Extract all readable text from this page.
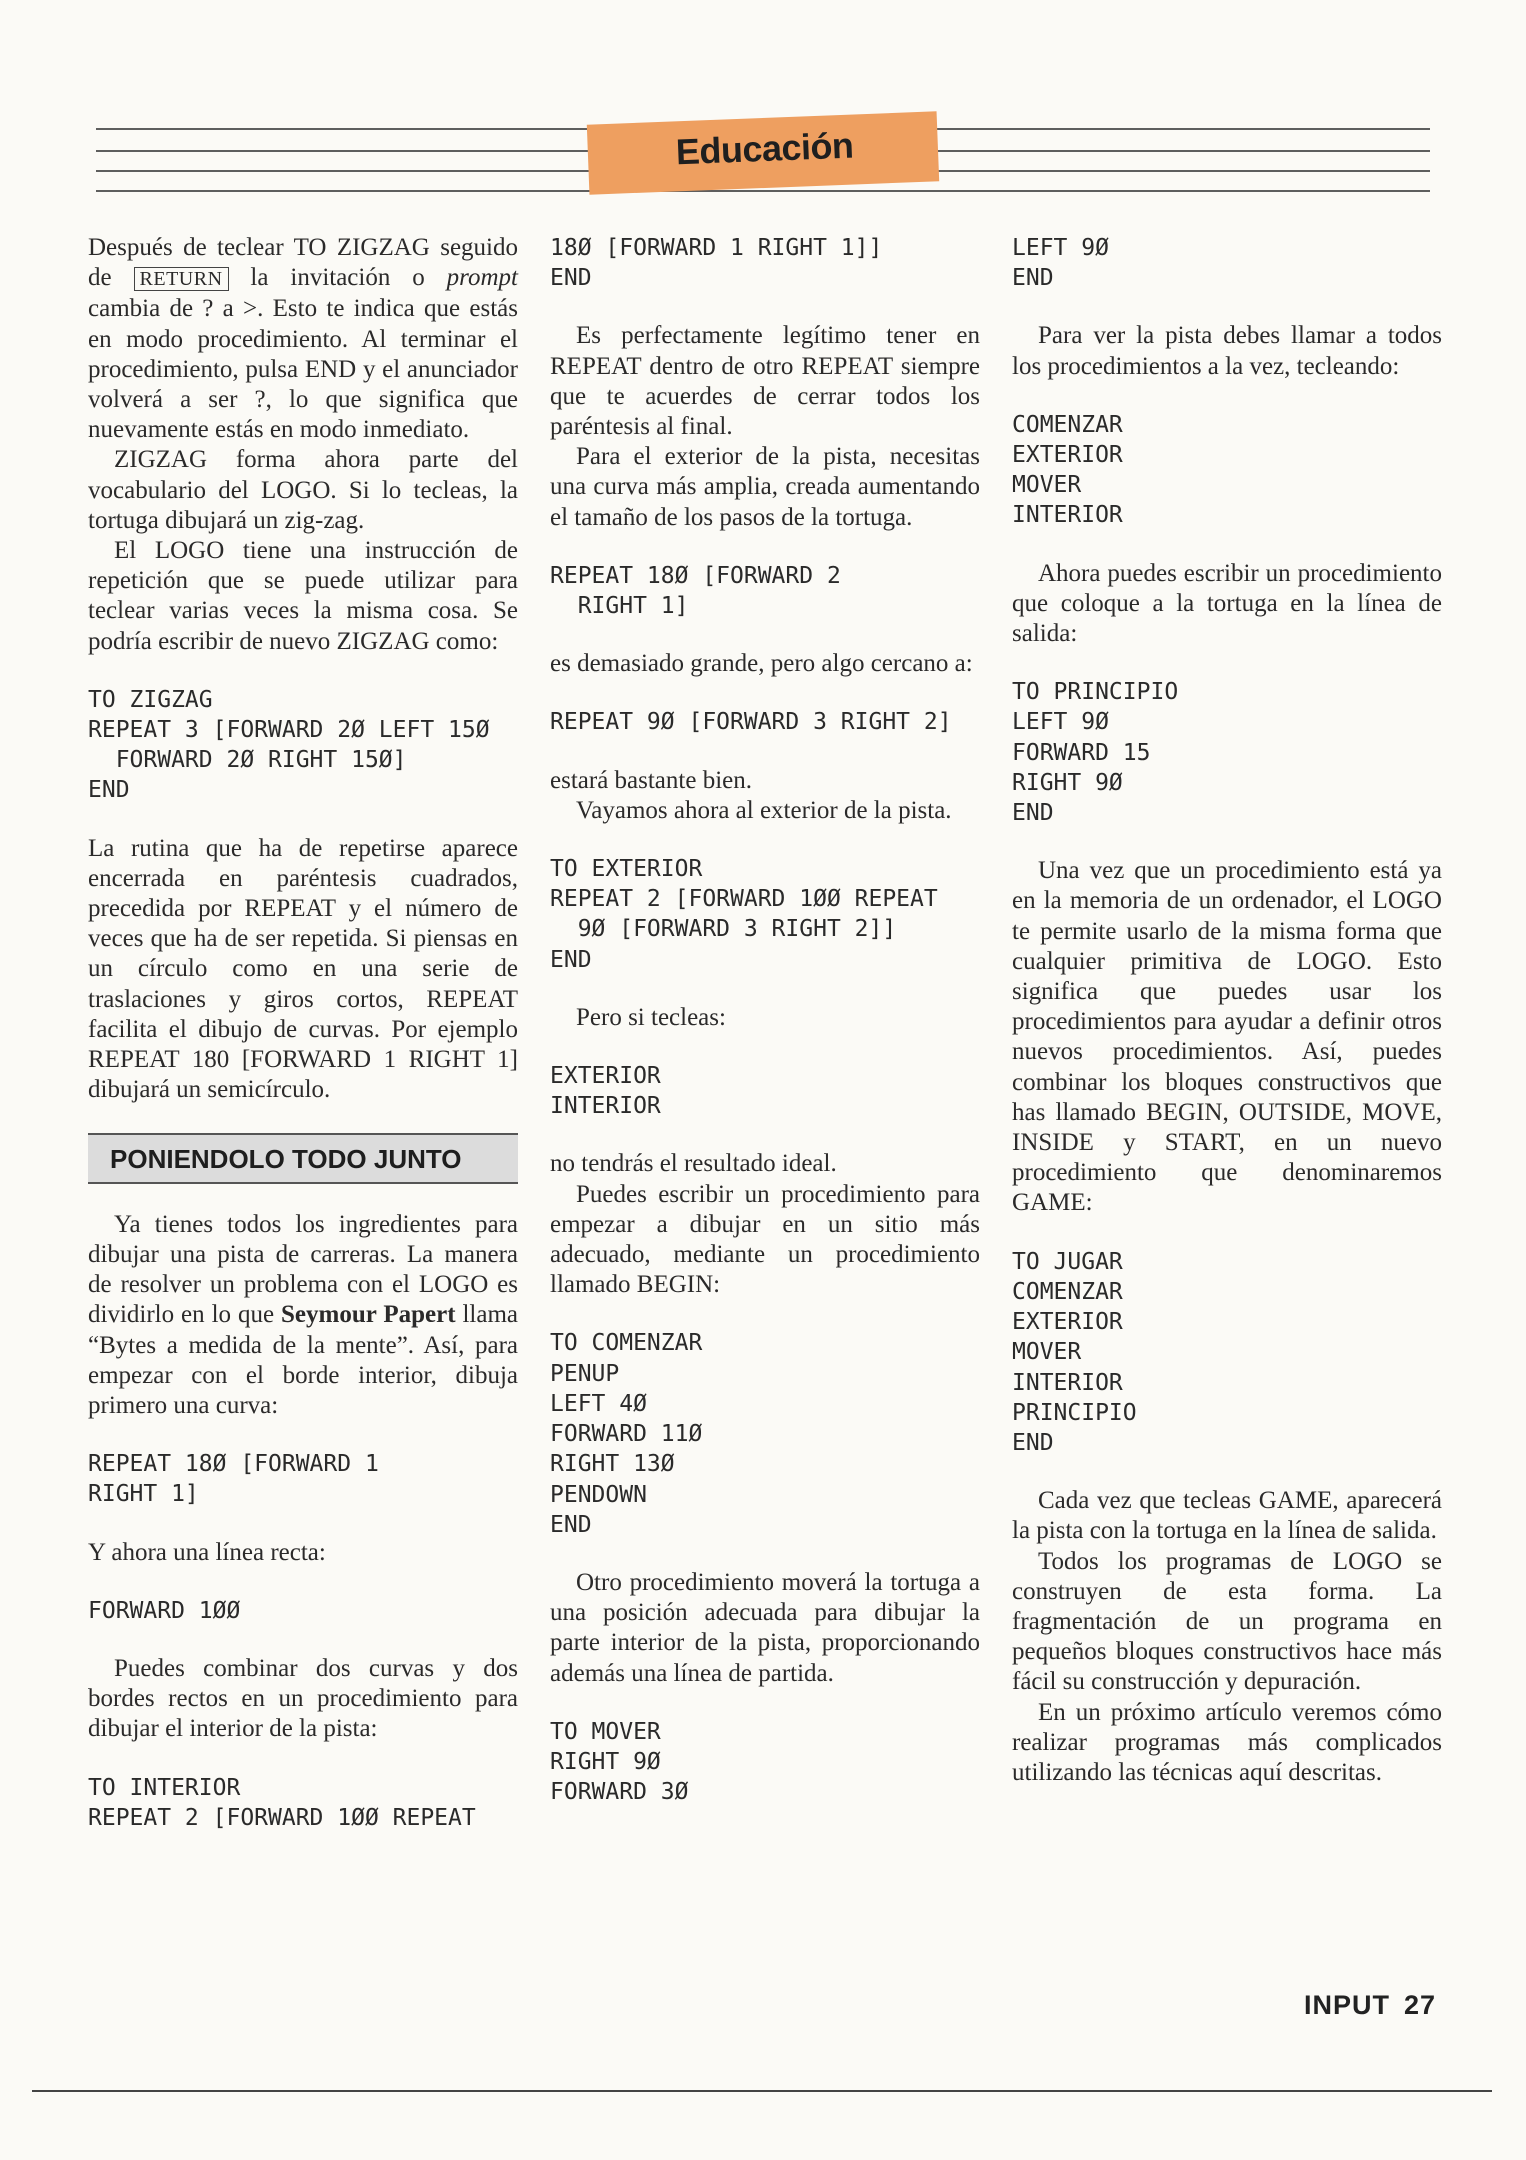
Educación

Después de teclear TO ZIGZAG seguido de RETURN la invitación o prompt cambia de ? a >. Esto te indica que estás en modo procedimiento. Al terminar el procedimiento, pulsa END y el anunciador volverá a ser ?, lo que significa que nuevamente estás en modo inmediato.

ZIGZAG forma ahora parte del vocabulario del LOGO. Si lo tecleas, la tortuga dibujará un zig-zag.

El LOGO tiene una instrucción de repetición que se puede utilizar para teclear varias veces la misma cosa. Se podría escribir de nuevo ZIGZAG como:

TO ZIGZAG
REPEAT 3 [FORWARD 2Ø LEFT 15Ø
FORWARD 2Ø RIGHT 15Ø]
END

La rutina que ha de repetirse aparece encerrada en paréntesis cuadrados, precedida por REPEAT y el número de veces que ha de ser repetida. Si piensas en un círculo como en una serie de traslaciones y giros cortos, REPEAT facilita el dibujo de curvas. Por ejemplo REPEAT 180 [FORWARD 1 RIGHT 1] dibujará un semicírculo.

PONIENDOLO TODO JUNTO

Ya tienes todos los ingredientes para dibujar una pista de carreras. La manera de resolver un problema con el LOGO es dividirlo en lo que Seymour Papert llama “Bytes a medida de la mente”. Así, para empezar con el borde interior, dibuja primero una curva:

REPEAT 18Ø [FORWARD 1
RIGHT 1]

Y ahora una línea recta:

FORWARD 1ØØ

Puedes combinar dos curvas y dos bordes rectos en un procedimiento para dibujar el interior de la pista:

TO INTERIOR
REPEAT 2 [FORWARD 1ØØ REPEAT
18Ø [FORWARD 1 RIGHT 1]]
END

Es perfectamente legítimo tener en REPEAT dentro de otro REPEAT siempre que te acuerdes de cerrar todos los paréntesis al final.

Para el exterior de la pista, necesitas una curva más amplia, creada aumentando el tamaño de los pasos de la tortuga.

REPEAT 18Ø [FORWARD 2
RIGHT 1]

es demasiado grande, pero algo cercano a:

REPEAT 9Ø [FORWARD 3 RIGHT 2]

estará bastante bien.

Vayamos ahora al exterior de la pista.

TO EXTERIOR
REPEAT 2 [FORWARD 1ØØ REPEAT
9Ø [FORWARD 3 RIGHT 2]]
END

Pero si tecleas:

EXTERIOR
INTERIOR

no tendrás el resultado ideal.

Puedes escribir un procedimiento para empezar a dibujar en un sitio más adecuado, mediante un procedimiento llamado BEGIN:

TO COMENZAR
PENUP
LEFT 4Ø
FORWARD 11Ø
RIGHT 13Ø
PENDOWN
END

Otro procedimiento moverá la tortuga a una posición adecuada para dibujar la parte interior de la pista, proporcionando además una línea de partida.

TO MOVER
RIGHT 9Ø
FORWARD 3Ø
LEFT 9Ø
END

Para ver la pista debes llamar a todos los procedimientos a la vez, tecleando:

COMENZAR
EXTERIOR
MOVER
INTERIOR

Ahora puedes escribir un procedimiento que coloque a la tortuga en la línea de salida:

TO PRINCIPIO
LEFT 9Ø
FORWARD 15
RIGHT 9Ø
END

Una vez que un procedimiento está ya en la memoria de un ordenador, el LOGO te permite usarlo de la misma forma que cualquier primitiva de LOGO. Esto significa que puedes usar los procedimientos para ayudar a definir otros nuevos procedimientos. Así, puedes combinar los bloques constructivos que has llamado BEGIN, OUTSIDE, MOVE, INSIDE y START, en un nuevo procedimiento que denominaremos GAME:

TO JUGAR
COMENZAR
EXTERIOR
MOVER
INTERIOR
PRINCIPIO
END

Cada vez que tecleas GAME, aparecerá la pista con la tortuga en la línea de salida.

Todos los programas de LOGO se construyen de esta forma. La fragmentación de un programa en pequeños bloques constructivos hace más fácil su construcción y depuración.

En un próximo artículo veremos cómo realizar programas más complicados utilizando las técnicas aquí descritas.

INPUT 27
